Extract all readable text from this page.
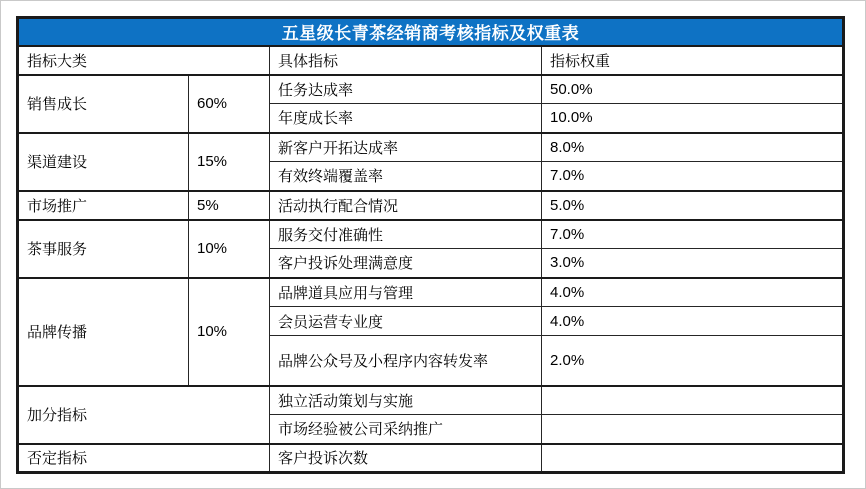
五星级长青茶经销商考核指标及权重表			
指标大类		具体指标	指标权重
销售成长	60%	任务达成率	50.0%
		年度成长率	10.0%
渠道建设	15%	新客户开拓达成率	8.0%
		有效终端覆盖率	7.0%
市场推广	5%	活动执行配合情况	5.0%
茶事服务	10%	服务交付准确性	7.0%
		客户投诉处理满意度	3.0%
品牌传播	10%	品牌道具应用与管理	4.0%
		会员运营专业度	4.0%
		品牌公众号及小程序内容转发率	2.0%
加分指标		独立活动策划与实施	
		市场经验被公司采纳推广	
否定指标		客户投诉次数	
